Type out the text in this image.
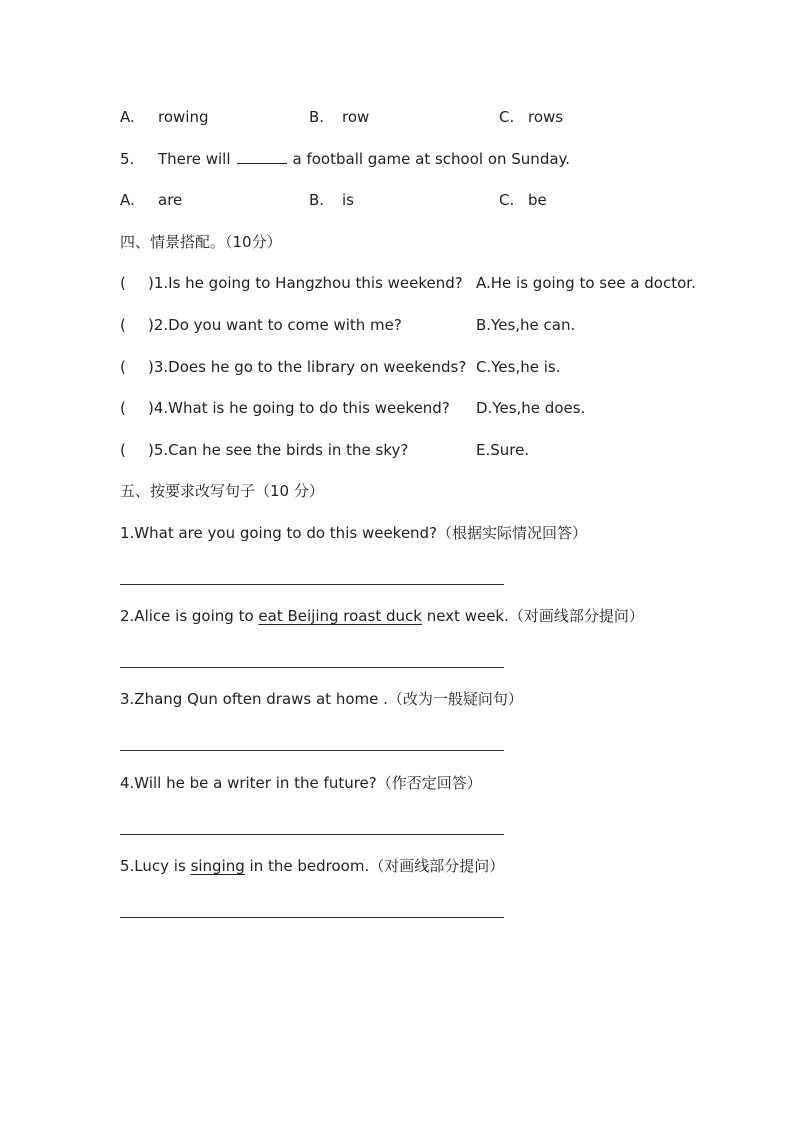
A. rowing	B. row	C. rows
5. There will	a football game at school on Sunday.
A. are	B. is	C. be
四、情景搭配。（10分）
( )1.Is he going to Hangzhou this weekend? A.He is going to see a doctor.
( )2.Do you want to come with me?	B.Yes,he can.
( )3.Does he go to the library on weekends? C.Yes,he is.
( )4.What is he going to do this weekend? D.Yes,he does.
( )5.Can he see the birds in the sky?	E.Sure.
五、按要求改写句子（10 分）
1.What are you going to do this weekend?（根据实际情况回答）
2.Alice is going to eat Beijing roast duck next week.（对画线部分提问）
3.Zhang Qun often draws at home .（改为一般疑问句）
4.Will he be a writer in the future?（作否定回答）
5.Lucy is singing in the bedroom.（对画线部分提问）
